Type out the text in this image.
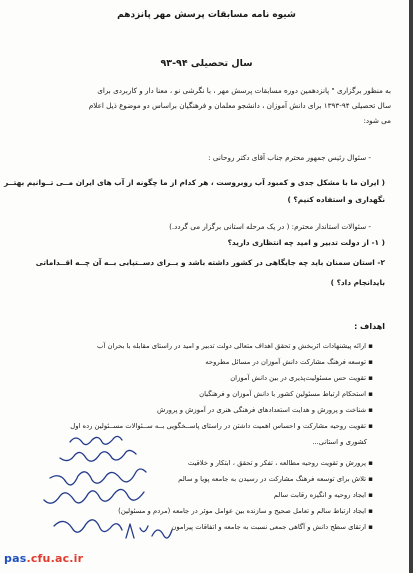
شیوه نامه مسابقات پرسش مهر پانزدهم
سال تحصیلی ۹۴-۹۳
به منظور برگزاری " پانزدهمین دوره مسابقات پرسش مهر ، با نگرشی نو ، معنا دار و کاربردی برای
سال تحصیلی ۹۴-۱۳۹۳ برای دانش آموزان ، دانشجو معلمان و فرهنگیان براساس دو موضوع ذیل اعلام
می شود:
- سئوال رئیس جمهور محترم جناب آقای دکتر روحانی :
( ایران ما با مشکل جدی و کمبود آب روبروست ، هر کدام از ما چگونه از آب های ایران مــی تــوانیم بهتــر
نگهداری و استفاده کنیم؟ )
- سئوالات استاندار محترم: ( در یک مرحله استانی برگزار می گردد.)
( ۱- از دولت تدبیر و امید چه انتظاری دارید؟
۲- استان سمنان باید چه جایگاهی در کشور داشته باشد و بــرای دســتیابی بــه آن چــه اقــداماتی
بایدانجام داد؟ )
اهداف :
▪ ارائه پیشنهادات اثربخش و تحقق اهداف متعالی دولت تدبیر و امید در راستای مقابله با بحران آب
▪ توسعه فرهنگ مشارکت دانش آموزان در مسائل مطروحه
▪ تقویت حس مسئولیت‌پذیری در بین دانش آموزان
▪ استحکام ارتباط مسئولین کشور با دانش آموزان و فرهنگیان
▪ شناخت و پرورش و هدایت استعدادهای فرهنگی هنری در آموزش و پرورش
▪ تقویت روحیه مشارکت و احساس اهمیت داشتن در راستای پاســخگویی بــه ســئوالات مســئولین رده اول
کشوری و استانی...
▪ پرورش و تقویت روحیه مطالعه ، تفکر و تحقق ، ابتکار و خلاقیت
▪ تلاش برای توسعه فرهنگ مشارکت در رسیدن به جامعه پویا و سالم
▪ ایجاد روحیه و انگیزه رقابت سالم
▪ ایجاد ارتباط سالم و تعامل صحیح و سازنده بین عوامل موثر در جامعه (مردم و مسئولین)
▪ ارتقای سطح دانش و آگاهی جمعی نسبت به جامعه و اتفاقات پیرامون
pas.cfu.ac.ir
